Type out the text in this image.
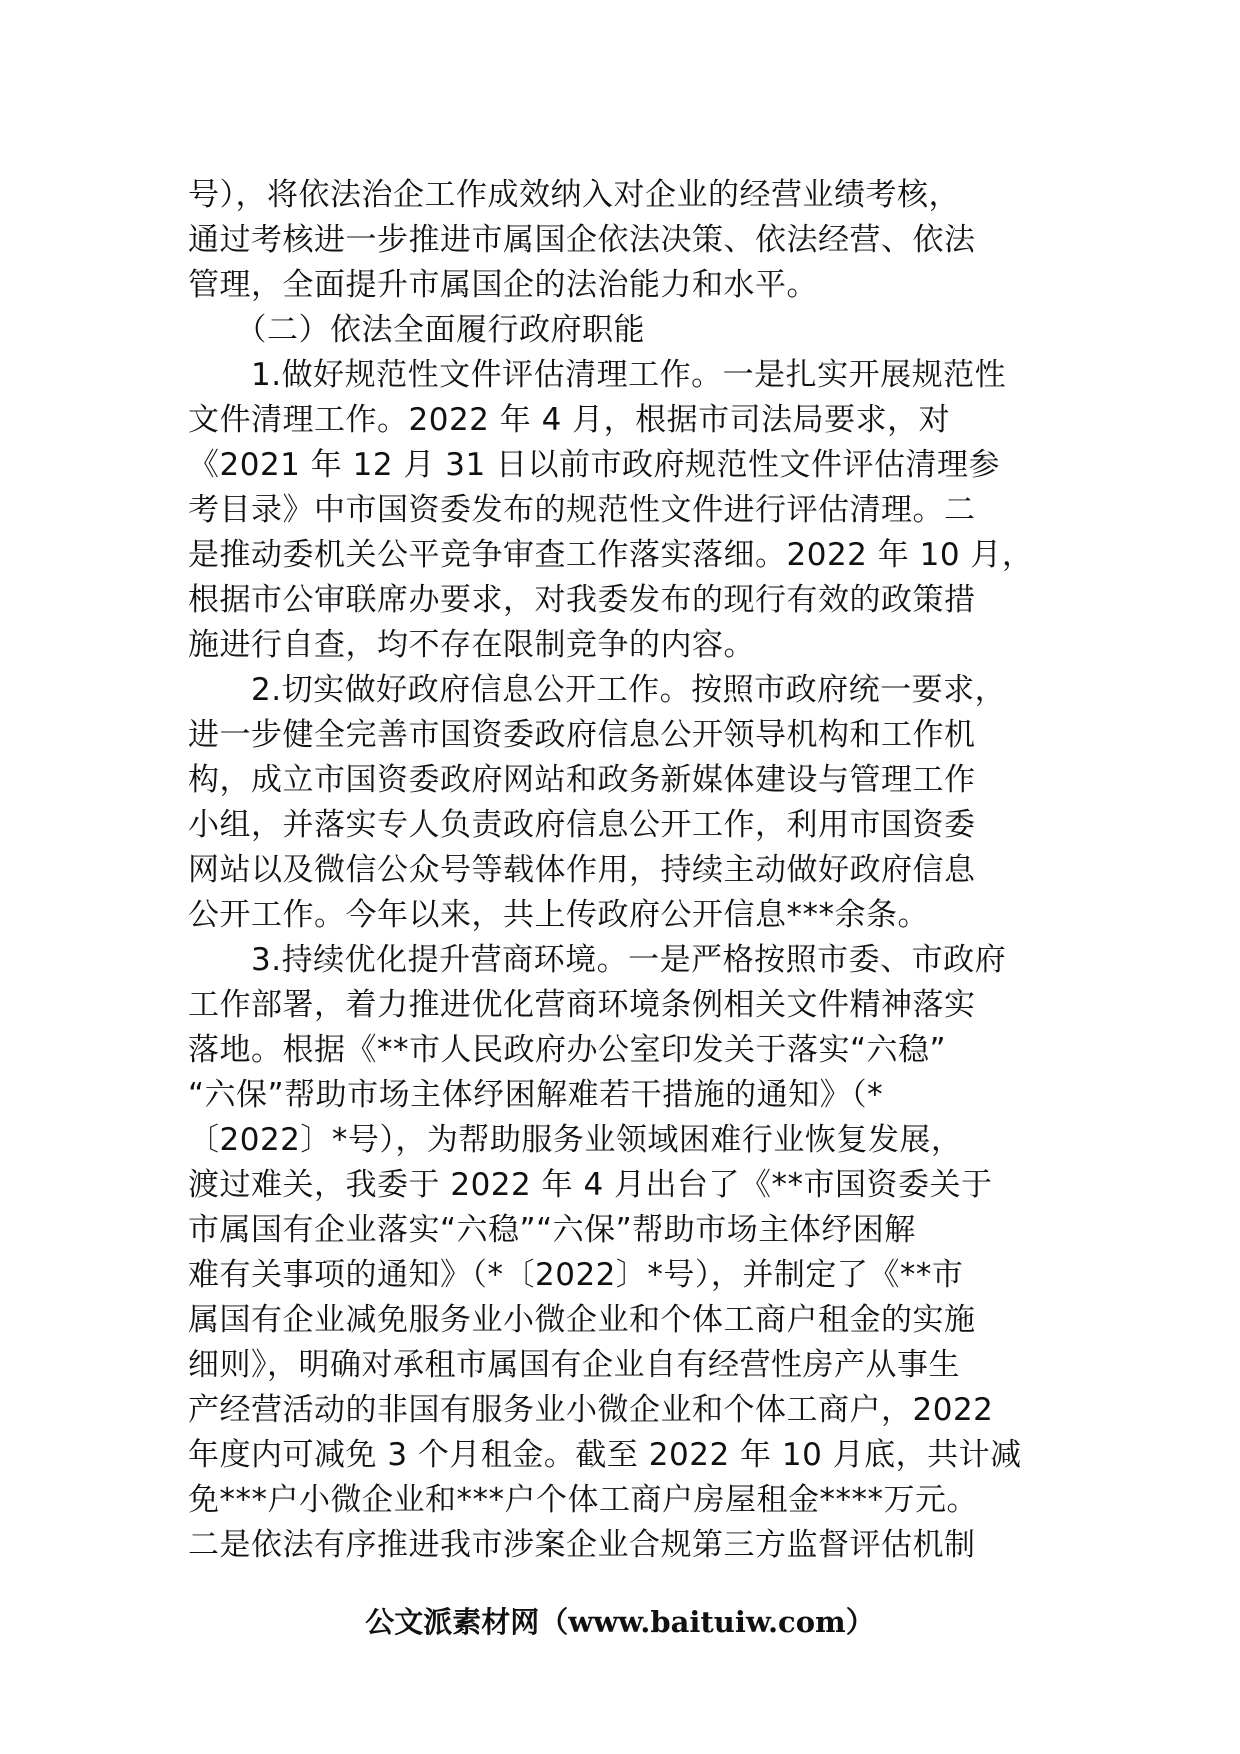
号），将依法治企工作成效纳入对企业的经营业绩考核，
通过考核进一步推进市属国企依法决策、依法经营、依法
管理，全面提升市属国企的法治能力和水平。
　　（二）依法全面履行政府职能
　　1.做好规范性文件评估清理工作。一是扎实开展规范性
文件清理工作。2022 年 4 月，根据市司法局要求，对
《2021 年 12 月 31 日以前市政府规范性文件评估清理参
考目录》中市国资委发布的规范性文件进行评估清理。二
是推动委机关公平竞争审查工作落实落细。2022 年 10 月，
根据市公审联席办要求，对我委发布的现行有效的政策措
施进行自查，均不存在限制竞争的内容。
　　2.切实做好政府信息公开工作。按照市政府统一要求，
进一步健全完善市国资委政府信息公开领导机构和工作机
构，成立市国资委政府网站和政务新媒体建设与管理工作
小组，并落实专人负责政府信息公开工作，利用市国资委
网站以及微信公众号等载体作用，持续主动做好政府信息
公开工作。今年以来，共上传政府公开信息***余条。
　　3.持续优化提升营商环境。一是严格按照市委、市政府
工作部署，着力推进优化营商环境条例相关文件精神落实
落地。根据《**市人民政府办公室印发关于落实“六稳”
“六保”帮助市场主体纾困解难若干措施的通知》（*
〔2022〕*号），为帮助服务业领域困难行业恢复发展，
渡过难关，我委于 2022 年 4 月出台了《**市国资委关于
市属国有企业落实“六稳”“六保”帮助市场主体纾困解
难有关事项的通知》（*〔2022〕*号），并制定了《**市
属国有企业减免服务业小微企业和个体工商户租金的实施
细则》，明确对承租市属国有企业自有经营性房产从事生
产经营活动的非国有服务业小微企业和个体工商户，2022
年度内可减免 3 个月租金。截至 2022 年 10 月底，共计减
免***户小微企业和***户个体工商户房屋租金****万元。
二是依法有序推进我市涉案企业合规第三方监督评估机制
公文派素材网（www.baituiw.com）
